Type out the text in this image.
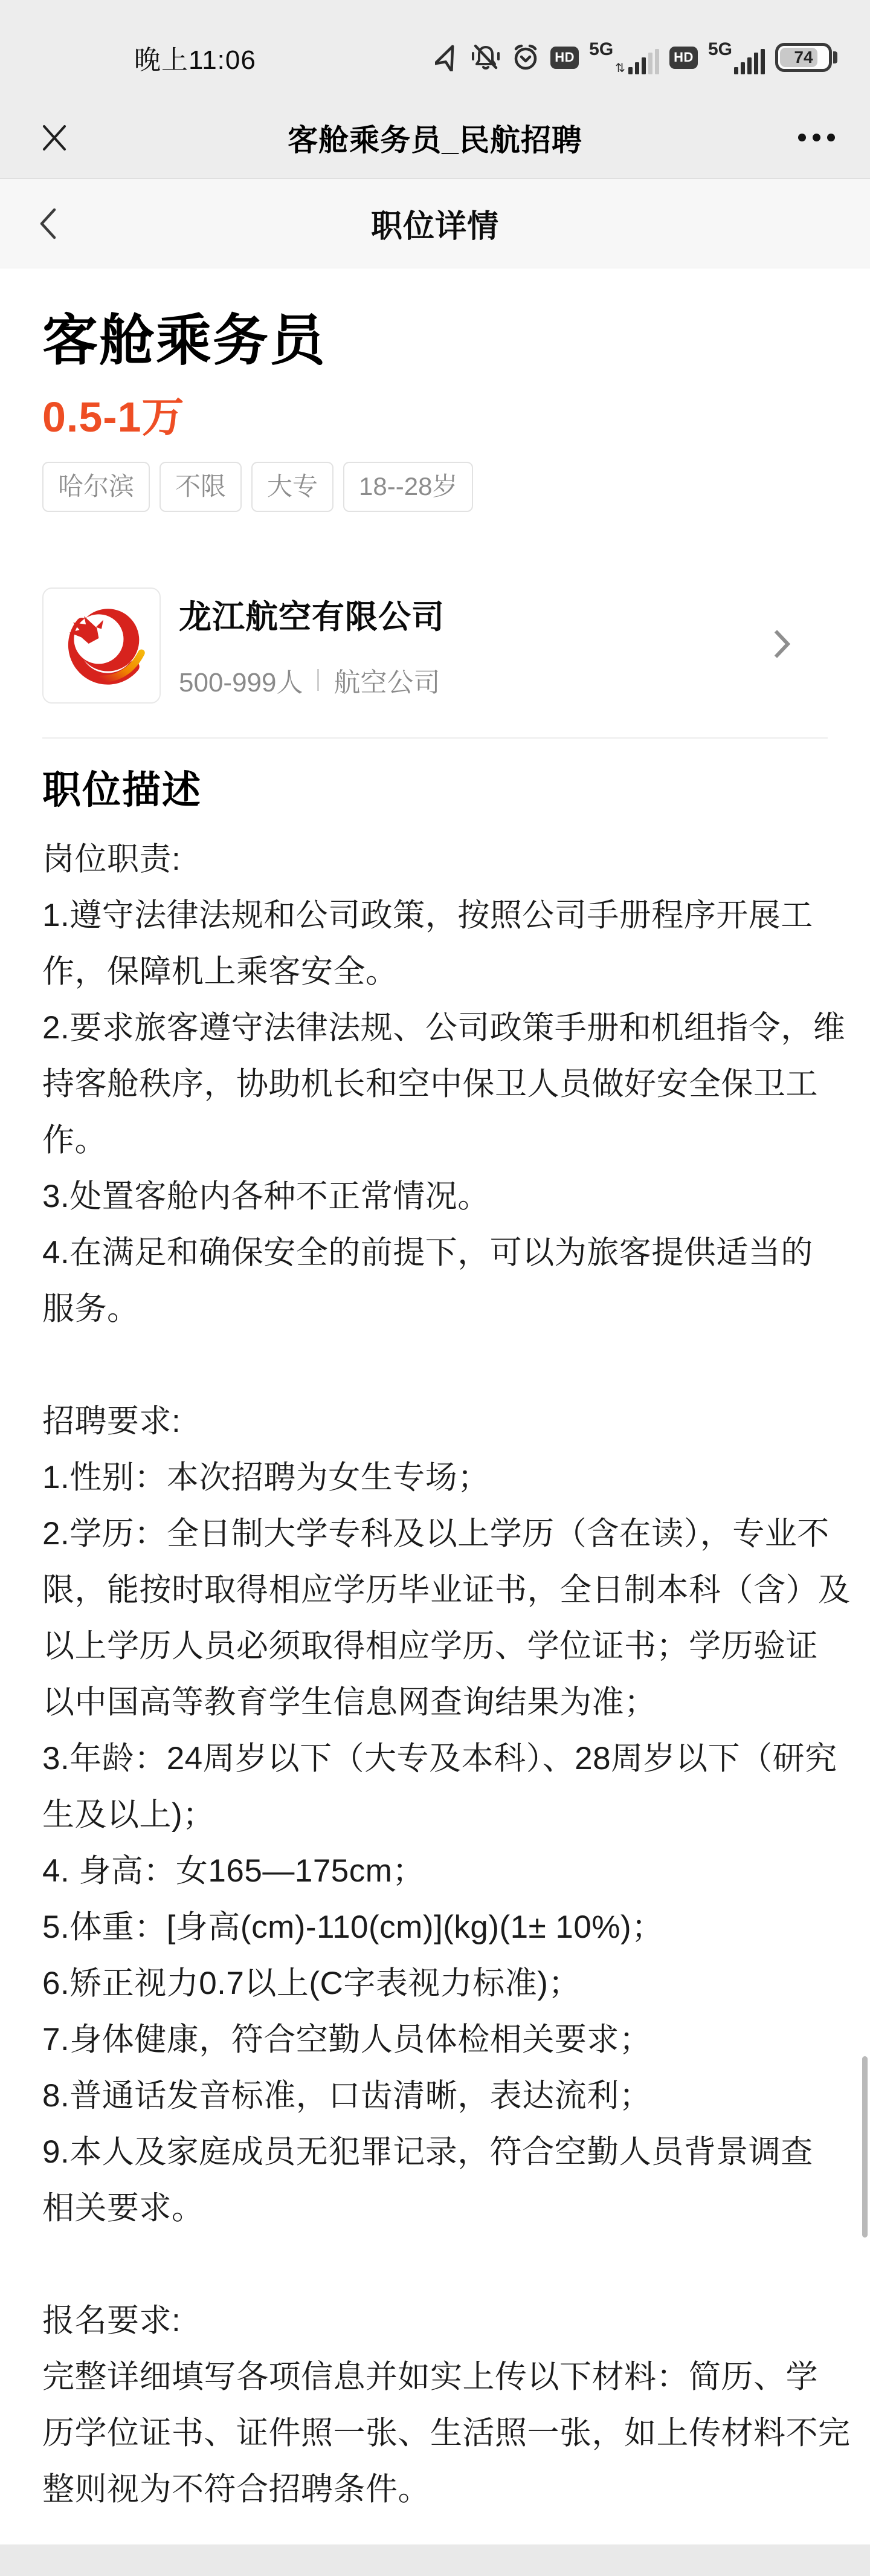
晚上11:06	HD 5G
⇅
HD 5G	74
客舱乘务员_民航招聘
职位详情
客舱乘务员
0.5-1万
哈尔滨	不限	大专	18--28岁
龙江航空有限公司
500-999人 航空公司
职位描述
岗位职责:
1.遵守法律法规和公司政策，按照公司手册程序开展工
作，保障机上乘客安全。
2.要求旅客遵守法律法规、公司政策手册和机组指令，维
持客舱秩序，协助机长和空中保卫人员做好安全保卫工
作。
3.处置客舱内各种不正常情况。
4.在满足和确保安全的前提下，可以为旅客提供适当的
服务。

招聘要求:
1.性别：本次招聘为女生专场；
2.学历：全日制大学专科及以上学历（含在读），专业不
限，能按时取得相应学历毕业证书，全日制本科（含）及
以上学历人员必须取得相应学历、学位证书；学历验证
以中国高等教育学生信息网查询结果为准；
3.年龄：24周岁以下（大专及本科）、28周岁以下（研究
生及以上)；
4. 身高：女165—175cm；
5.体重：[身高(cm)-110(cm)](kg)(1± 10%)；
6.矫正视力0.7以上(C字表视力标准)；
7.身体健康，符合空勤人员体检相关要求；
8.普通话发音标准，口齿清晰，表达流利；
9.本人及家庭成员无犯罪记录，符合空勤人员背景调查
相关要求。

报名要求:
完整详细填写各项信息并如实上传以下材料：简历、学
历学位证书、证件照一张、生活照一张，如上传材料不完
整则视为不符合招聘条件。
